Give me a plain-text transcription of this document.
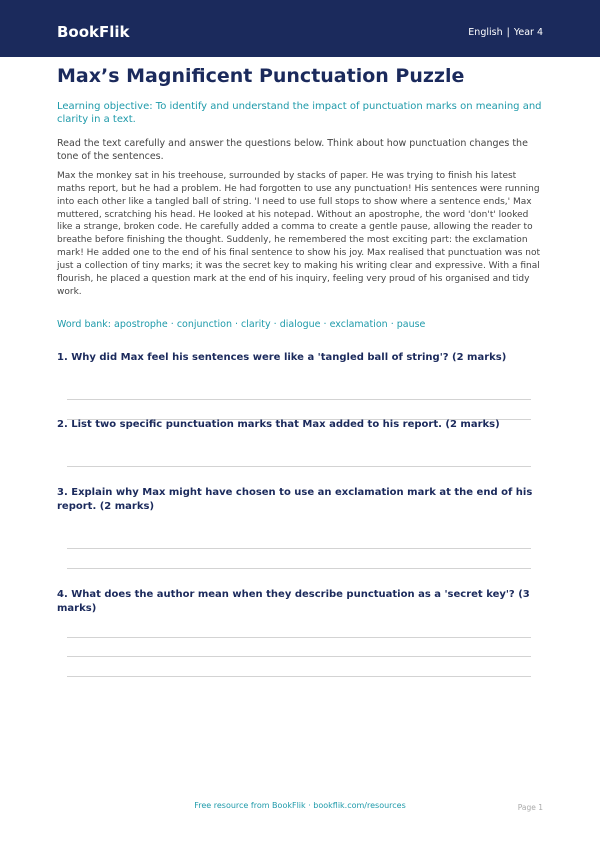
BookFlik	English | Year 4
Max’s Magnificent Punctuation Puzzle

Learning objective: To identify and understand the impact of punctuation marks on meaning and clarity in a text.

Read the text carefully and answer the questions below. Think about how punctuation changes the tone of the sentences.

Max the monkey sat in his treehouse, surrounded by stacks of paper. He was trying to finish his latest maths report, but he had a problem. He had forgotten to use any punctuation! His sentences were running into each other like a tangled ball of string. 'I need to use full stops to show where a sentence ends,' Max muttered, scratching his head. He looked at his notepad. Without an apostrophe, the word 'don't' looked like a strange, broken code. He carefully added a comma to create a gentle pause, allowing the reader to breathe before finishing the thought. Suddenly, he remembered the most exciting part: the exclamation mark! He added one to the end of his final sentence to show his joy. Max realised that punctuation was not just a collection of tiny marks; it was the secret key to making his writing clear and expressive. With a final flourish, he placed a question mark at the end of his inquiry, feeling very proud of his organised and tidy work.

Word bank: apostrophe · conjunction · clarity · dialogue · exclamation · pause

1. Why did Max feel his sentences were like a 'tangled ball of string'? (2 marks)

2. List two specific punctuation marks that Max added to his report. (2 marks)

3. Explain why Max might have chosen to use an exclamation mark at the end of his report. (2 marks)

4. What does the author mean when they describe punctuation as a 'secret key'? (3 marks)

Free resource from BookFlik · bookflik.com/resources	Page 1
